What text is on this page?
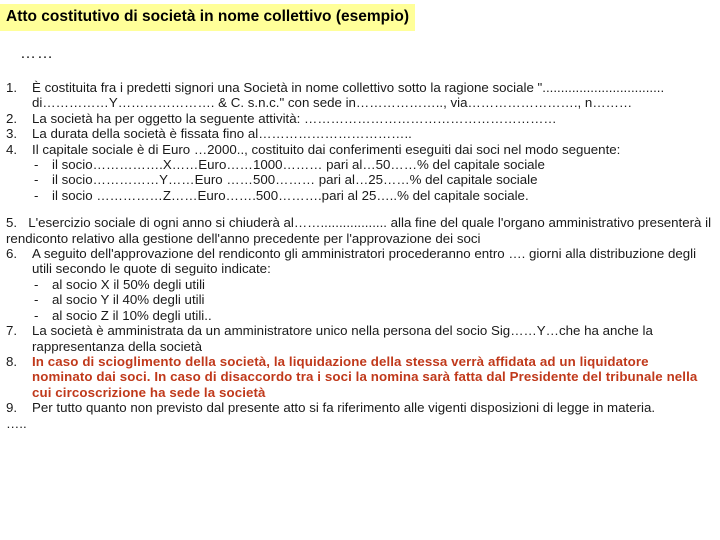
Atto costitutivo di società in nome collettivo (esempio)
……
1.	È costituita fra i predetti signori una Società in nome collettivo sotto la ragione sociale "................................. di……………Y…………………. & C. s.n.c." con sede in……………….., via……………………., n………
2.	La società ha per oggetto la seguente attività: …………………………………………………
3.	La durata della società è fissata fino al……………………………..
4.	Il capitale sociale è di Euro …2000.., costituito dai conferimenti eseguiti dai soci nel modo seguente:
-	il socio…………….X……Euro……1000……… pari al…50……% del capitale sociale
-	il socio……………Y……Euro ……500……… pari al…25……% del capitale sociale
-	il socio ……………Z……Euro…….500……….pari al 25…..% del capitale sociale.
5. L'esercizio sociale di ogni anno si chiuderà al…….................. alla fine del quale l'organo amministrativo presenterà il rendiconto relativo alla gestione dell'anno precedente per l'approvazione dei soci
6.	A seguito dell'approvazione del rendiconto gli amministratori procederanno entro …. giorni alla distribuzione degli utili secondo le quote di seguito indicate:
-	al socio X il 50% degli utili
-	al socio Y il 40% degli utili
-	al socio Z il 10% degli utili..
7.	La società è amministrata da un amministratore unico nella persona del socio Sig……Y…che ha anche la rappresentanza della società
8.	In caso di scioglimento della società, la liquidazione della stessa verrà affidata ad un liquidatore nominato dai soci. In caso di disaccordo tra i soci la nomina sarà fatta dal Presidente del tribunale nella cui circoscrizione ha sede la società
9.	Per tutto quanto non previsto dal presente atto si fa riferimento alle vigenti disposizioni di legge in materia.
…..
